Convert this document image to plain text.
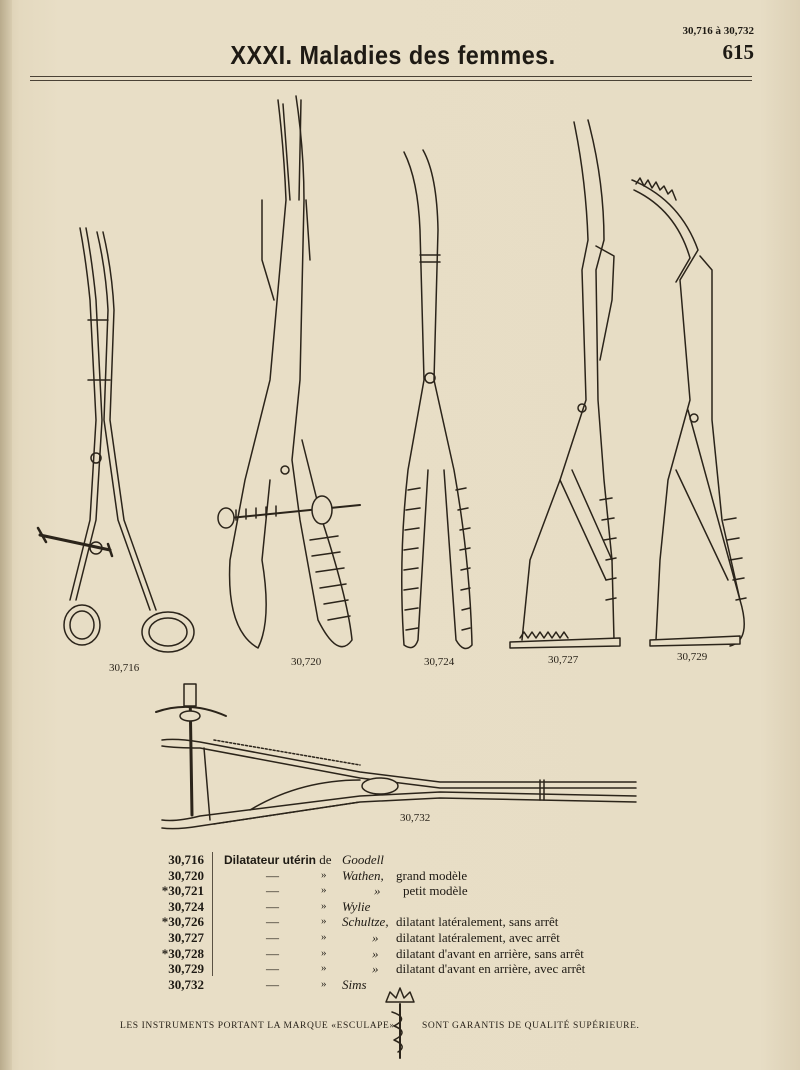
30,716 à 30,732
615
XXXI. Maladies des femmes.
30,716	30,720	30,724	30,727	30,729
30,732
30,716 Dilatateur utérin de Goodell
30,720	—	» Wathen, grand modèle
*30,721	—	»	» petit modèle
30,724	—	» Wylie
*30,726	—	» Schultze, dilatant latéralement, sans arrêt
30,727	—	»	» dilatant latéralement, avec arrêt
*30,728	—	»	» dilatant d'avant en arrière, sans arrêt
30,729	—	»	» dilatant d'avant en arrière, avec arrêt
30,732	—	» Sims
LES INSTRUMENTS PORTANT LA MARQUE «ESCULAPE»	SONT GARANTIS DE QUALITÉ SUPÉRIEURE.
